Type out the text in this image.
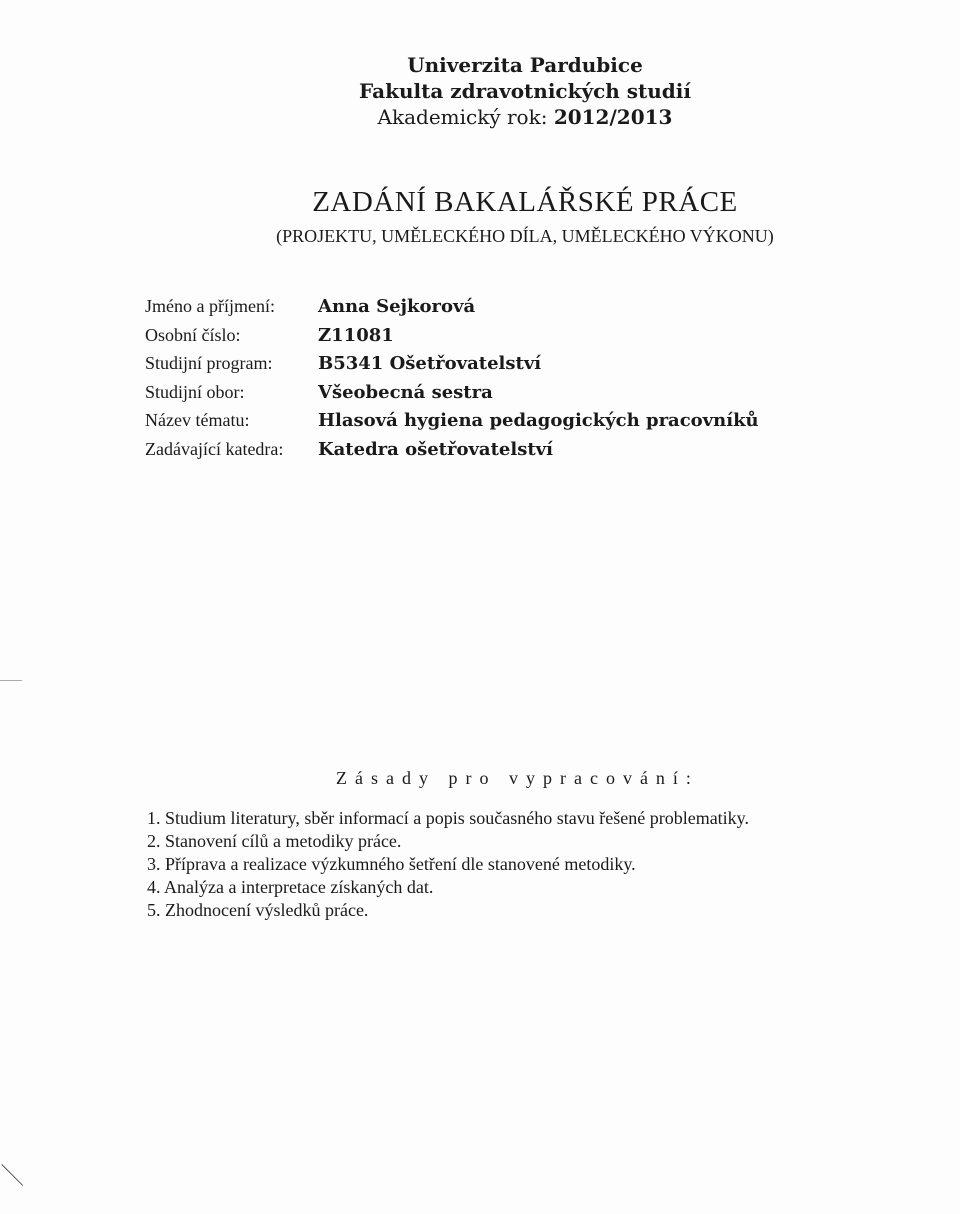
Univerzita Pardubice
Fakulta zdravotnických studií
Akademický rok: 2012/2013
ZADÁNÍ BAKALÁŘSKÉ PRÁCE
(PROJEKTU, UMĚLECKÉHO DÍLA, UMĚLECKÉHO VÝKONU)
Jméno a příjmení:	Anna Sejkorová
Osobní číslo:	Z11081
Studijní program:	B5341 Ošetřovatelství
Studijní obor:	Všeobecná sestra
Název tématu:	Hlasová hygiena pedagogických pracovníků
Zadávající katedra:	Katedra ošetřovatelství
Zásady pro vypracování:
1. Studium literatury, sběr informací a popis současného stavu řešené problematiky.
2. Stanovení cílů a metodiky práce.
3. Příprava a realizace výzkumného šetření dle stanovené metodiky.
4. Analýza a interpretace získaných dat.
5. Zhodnocení výsledků práce.
